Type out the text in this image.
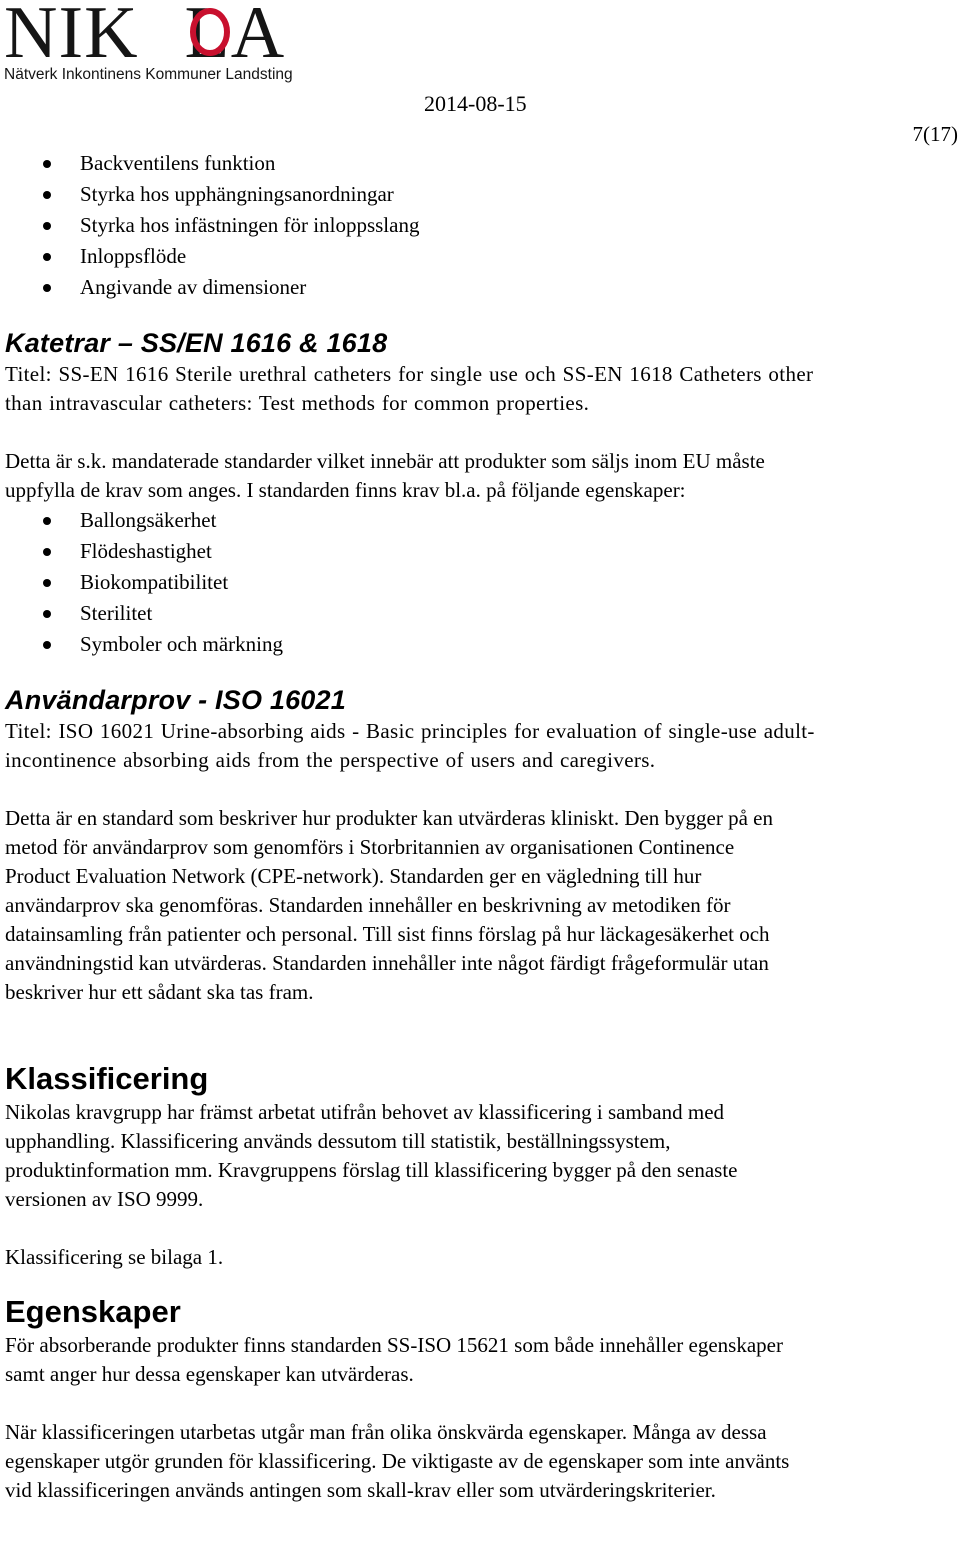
NIK LA
Nätverk Inkontinens Kommuner Landsting
2014-08-15
7(17)
Backventilens funktion
Styrka hos upphängningsanordningar
Styrka hos infästningen för inloppsslang
Inloppsflöde
Angivande av dimensioner
Katetrar – SS/EN 1616 & 1618

Titel: SS-EN 1616 Sterile urethral catheters for single use och SS-EN 1618 Catheters other

than intravascular catheters: Test methods for common properties.

Detta är s.k. mandaterade standarder vilket innebär att produkter som säljs inom EU måste

uppfylla de krav som anges. I standarden finns krav bl.a. på följande egenskaper:

Ballongsäkerhet
Flödeshastighet
Biokompatibilitet
Sterilitet
Symboler och märkning
Användarprov - ISO 16021

Titel: ISO 16021 Urine-absorbing aids - Basic principles for evaluation of single-use adult-

incontinence absorbing aids from the perspective of users and caregivers.

Detta är en standard som beskriver hur produkter kan utvärderas kliniskt. Den bygger på en

metod för användarprov som genomförs i Storbritannien av organisationen Continence

Product Evaluation Network (CPE-network). Standarden ger en vägledning till hur

användarprov ska genomföras. Standarden innehåller en beskrivning av metodiken för

datainsamling från patienter och personal. Till sist finns förslag på hur läckagesäkerhet och

användningstid kan utvärderas. Standarden innehåller inte något färdigt frågeformulär utan

beskriver hur ett sådant ska tas fram.

Klassificering

Nikolas kravgrupp har främst arbetat utifrån behovet av klassificering i samband med

upphandling. Klassificering används dessutom till statistik, beställningssystem,

produktinformation mm. Kravgruppens förslag till klassificering bygger på den senaste

versionen av ISO 9999.

Klassificering se bilaga 1.

Egenskaper

För absorberande produkter finns standarden SS-ISO 15621 som både innehåller egenskaper

samt anger hur dessa egenskaper kan utvärderas.

När klassificeringen utarbetas utgår man från olika önskvärda egenskaper. Många av dessa

egenskaper utgör grunden för klassificering. De viktigaste av de egenskaper som inte använts

vid klassificeringen används antingen som skall-krav eller som utvärderingskriterier.
